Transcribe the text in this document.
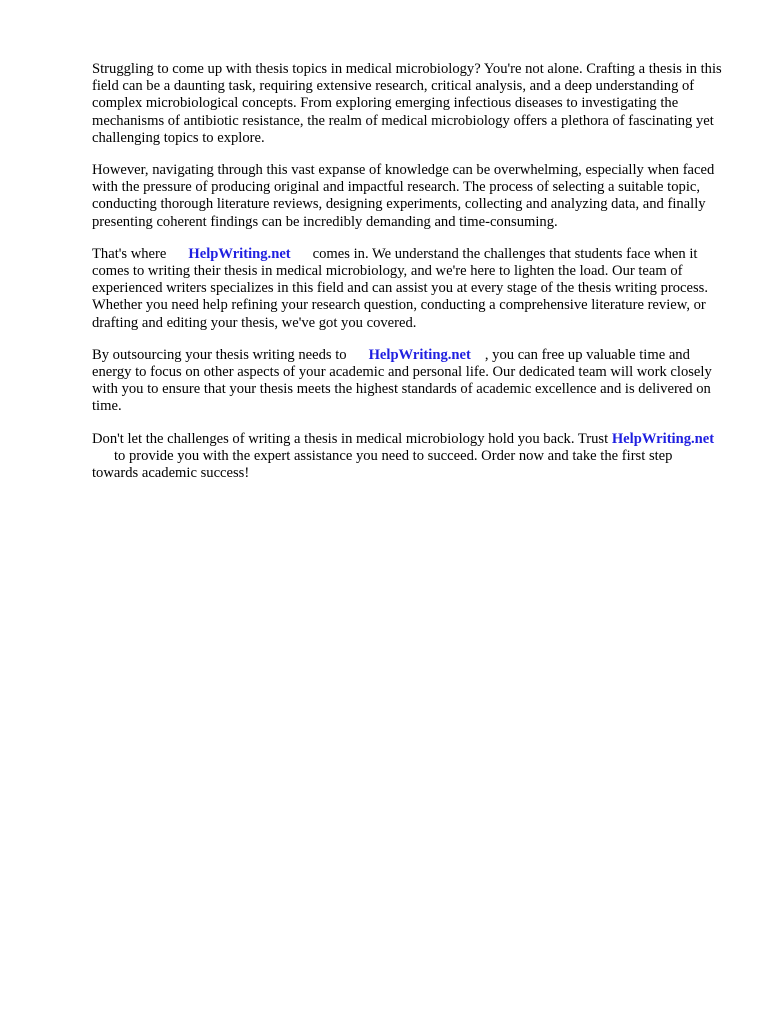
Struggling to come up with thesis topics in medical microbiology? You're not alone. Crafting a thesis in this field can be a daunting task, requiring extensive research, critical analysis, and a deep understanding of complex microbiological concepts. From exploring emerging infectious diseases to investigating the mechanisms of antibiotic resistance, the realm of medical microbiology offers a plethora of fascinating yet challenging topics to explore.

However, navigating through this vast expanse of knowledge can be overwhelming, especially when faced with the pressure of producing original and impactful research. The process of selecting a suitable topic, conducting thorough literature reviews, designing experiments, collecting and analyzing data, and finally presenting coherent findings can be incredibly demanding and time-consuming.

That's where HelpWriting.net comes in. We understand the challenges that students face when it comes to writing their thesis in medical microbiology, and we're here to lighten the load. Our team of experienced writers specializes in this field and can assist you at every stage of the thesis writing process. Whether you need help refining your research question, conducting a comprehensive literature review, or drafting and editing your thesis, we've got you covered.

By outsourcing your thesis writing needs to HelpWriting.net , you can free up valuable time and energy to focus on other aspects of your academic and personal life. Our dedicated team will work closely with you to ensure that your thesis meets the highest standards of academic excellence and is delivered on time.

Don't let the challenges of writing a thesis in medical microbiology hold you back. Trust HelpWriting.netto provide you with the expert assistance you need to succeed. Order now and take the first step towards academic success!
